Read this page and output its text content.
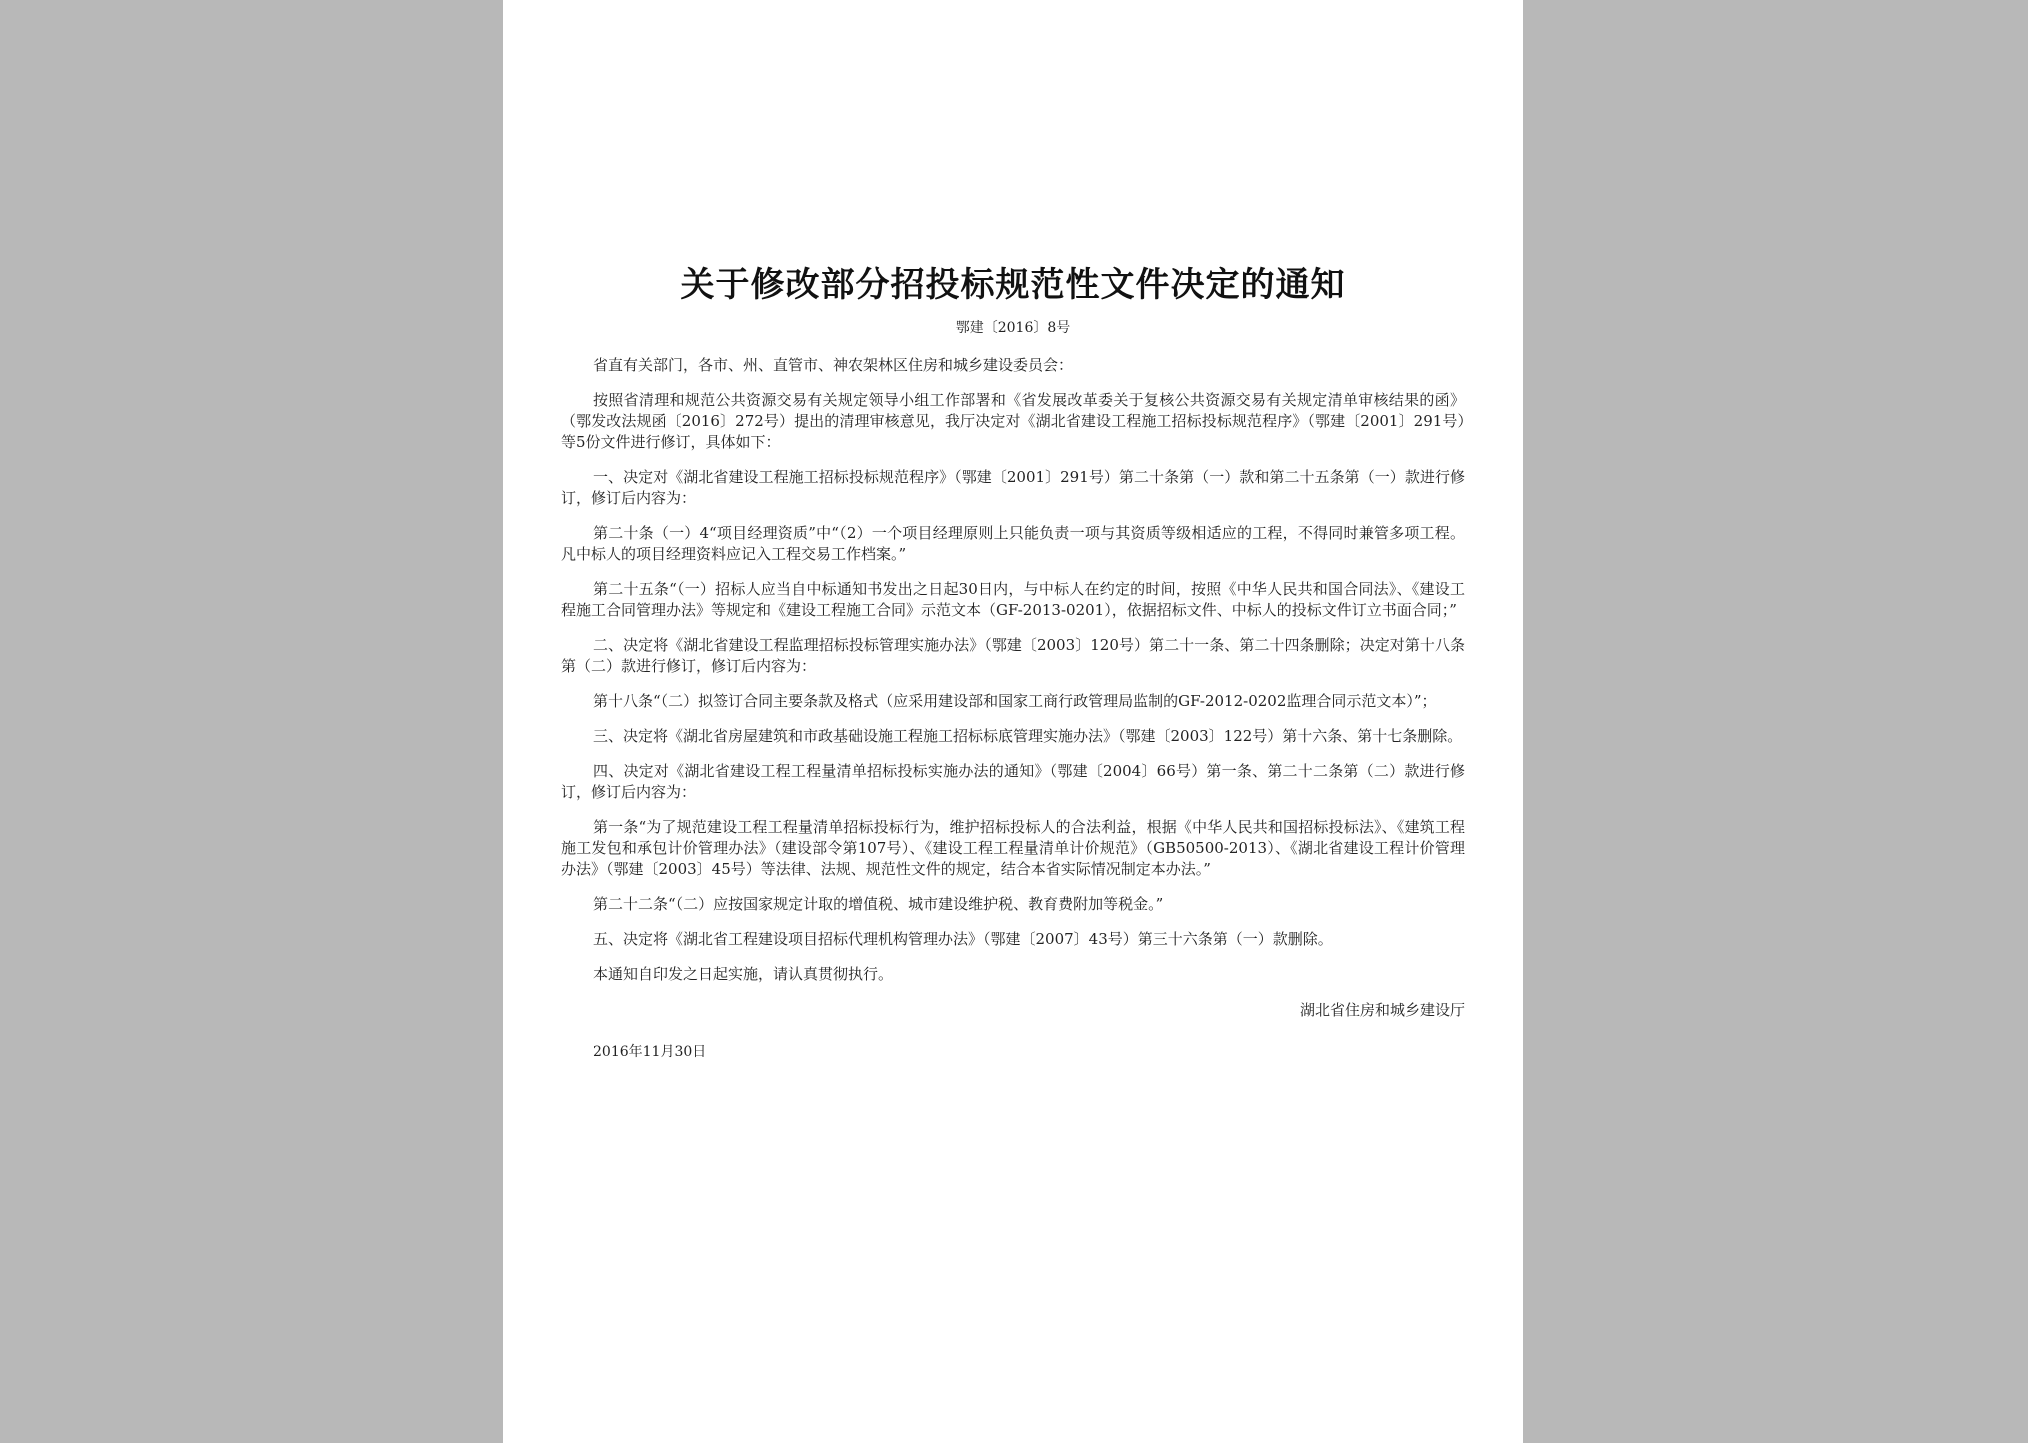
关于修改部分招投标规范性文件决定的通知
鄂建〔2016〕8号
省直有关部门，各市、州、直管市、神农架林区住房和城乡建设委员会：
按照省清理和规范公共资源交易有关规定领导小组工作部署和《省发展改革委关于复核公共资源交易有关规定清单审核结果的函》（鄂发改法规函〔2016〕272号）提出的清理审核意见，我厅决定对《湖北省建设工程施工招标投标规范程序》（鄂建〔2001〕291号）等5份文件进行修订，具体如下：
一、决定对《湖北省建设工程施工招标投标规范程序》（鄂建〔2001〕291号）第二十条第（一）款和第二十五条第（一）款进行修订，修订后内容为：
第二十条（一）4“项目经理资质”中“（2）一个项目经理原则上只能负责一项与其资质等级相适应的工程，不得同时兼管多项工程。凡中标人的项目经理资料应记入工程交易工作档案。”
第二十五条“（一）招标人应当自中标通知书发出之日起30日内，与中标人在约定的时间，按照《中华人民共和国合同法》、《建设工程施工合同管理办法》等规定和《建设工程施工合同》示范文本（GF-2013-0201），依据招标文件、中标人的投标文件订立书面合同；”
二、决定将《湖北省建设工程监理招标投标管理实施办法》（鄂建〔2003〕120号）第二十一条、第二十四条删除；决定对第十八条第（二）款进行修订，修订后内容为：
第十八条“（二）拟签订合同主要条款及格式（应采用建设部和国家工商行政管理局监制的GF-2012-0202监理合同示范文本）”；
三、决定将《湖北省房屋建筑和市政基础设施工程施工招标标底管理实施办法》（鄂建〔2003〕122号）第十六条、第十七条删除。
四、决定对《湖北省建设工程工程量清单招标投标实施办法的通知》（鄂建〔2004〕66号）第一条、第二十二条第（二）款进行修订，修订后内容为：
第一条“为了规范建设工程工程量清单招标投标行为，维护招标投标人的合法利益，根据《中华人民共和国招标投标法》、《建筑工程施工发包和承包计价管理办法》（建设部令第107号）、《建设工程工程量清单计价规范》（GB50500-2013）、《湖北省建设工程计价管理办法》（鄂建〔2003〕45号）等法律、法规、规范性文件的规定，结合本省实际情况制定本办法。”
第二十二条“（二）应按国家规定计取的增值税、城市建设维护税、教育费附加等税金。”
五、决定将《湖北省工程建设项目招标代理机构管理办法》（鄂建〔2007〕43号）第三十六条第（一）款删除。
本通知自印发之日起实施，请认真贯彻执行。
湖北省住房和城乡建设厅
2016年11月30日
